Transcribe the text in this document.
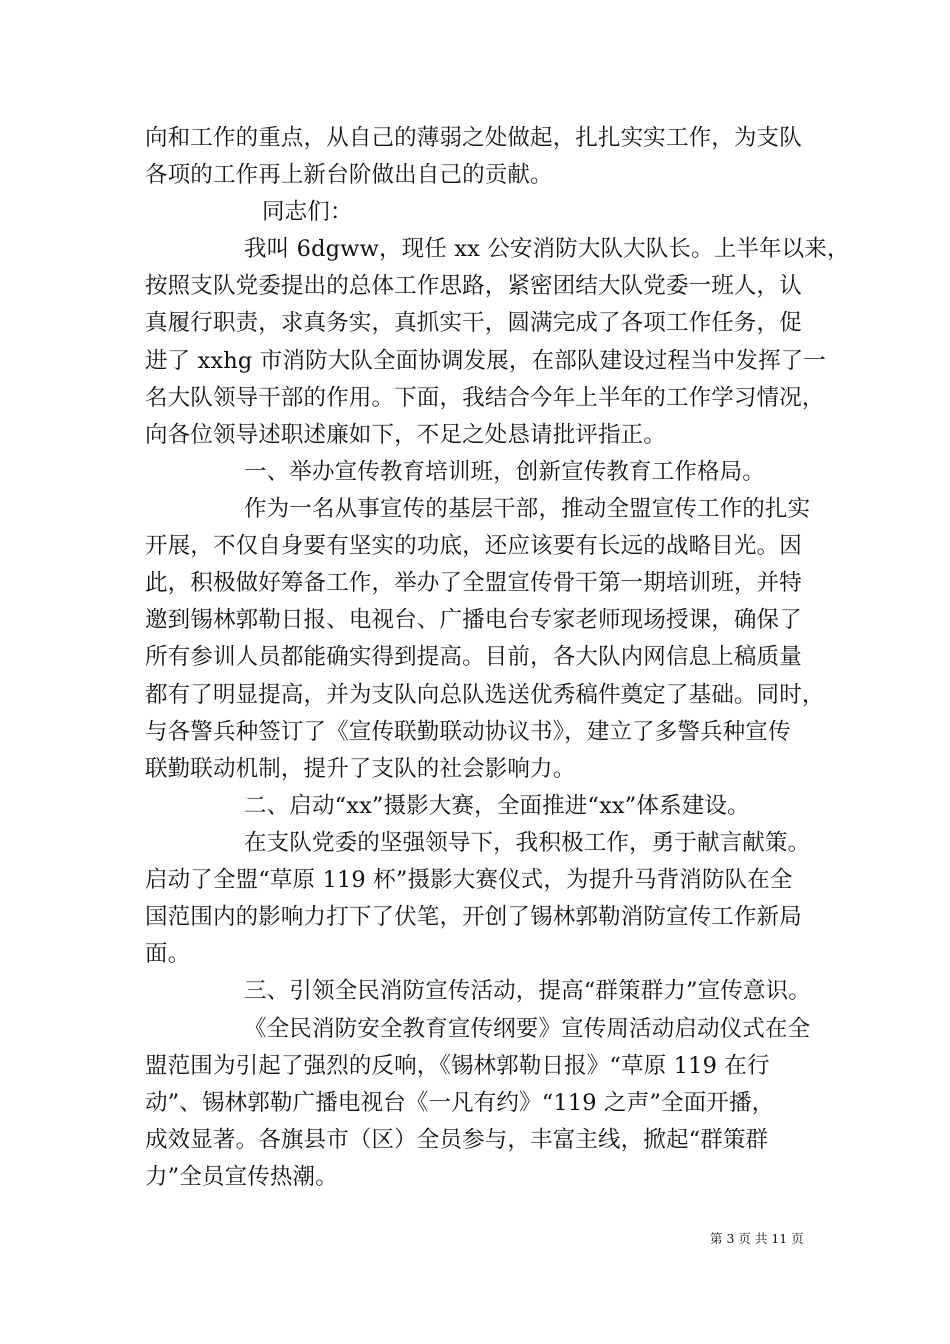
向和工作的重点，从自己的薄弱之处做起，扎扎实实工作，为支队
各项的工作再上新台阶做出自己的贡献。
同志们：
我叫 6dgww，现任 xx 公安消防大队大队长。上半年以来，
按照支队党委提出的总体工作思路，紧密团结大队党委一班人，认
真履行职责，求真务实，真抓实干，圆满完成了各项工作任务，促
进了 xxhg 市消防大队全面协调发展，在部队建设过程当中发挥了一
名大队领导干部的作用。下面，我结合今年上半年的工作学习情况，
向各位领导述职述廉如下，不足之处恳请批评指正。
一、举办宣传教育培训班，创新宣传教育工作格局。
作为一名从事宣传的基层干部，推动全盟宣传工作的扎实
开展，不仅自身要有坚实的功底，还应该要有长远的战略目光。因
此，积极做好筹备工作，举办了全盟宣传骨干第一期培训班，并特
邀到锡林郭勒日报、电视台、广播电台专家老师现场授课，确保了
所有参训人员都能确实得到提高。目前，各大队内网信息上稿质量
都有了明显提高，并为支队向总队选送优秀稿件奠定了基础。同时，
与各警兵种签订了《宣传联勤联动协议书》，建立了多警兵种宣传
联勤联动机制，提升了支队的社会影响力。
二、启动“xx”摄影大赛，全面推进“xx”体系建设。
在支队党委的坚强领导下，我积极工作，勇于献言献策。
启动了全盟“草原 119 杯”摄影大赛仪式，为提升马背消防队在全
国范围内的影响力打下了伏笔，开创了锡林郭勒消防宣传工作新局
面。
三、引领全民消防宣传活动，提高“群策群力”宣传意识。
《全民消防安全教育宣传纲要》宣传周活动启动仪式在全
盟范围为引起了强烈的反响，《锡林郭勒日报》“草原 119 在行
动”、锡林郭勒广播电视台《一凡有约》“119 之声”全面开播，
成效显著。各旗县市（区）全员参与，丰富主线，掀起“群策群
力”全员宣传热潮。
第 3 页 共 11 页
